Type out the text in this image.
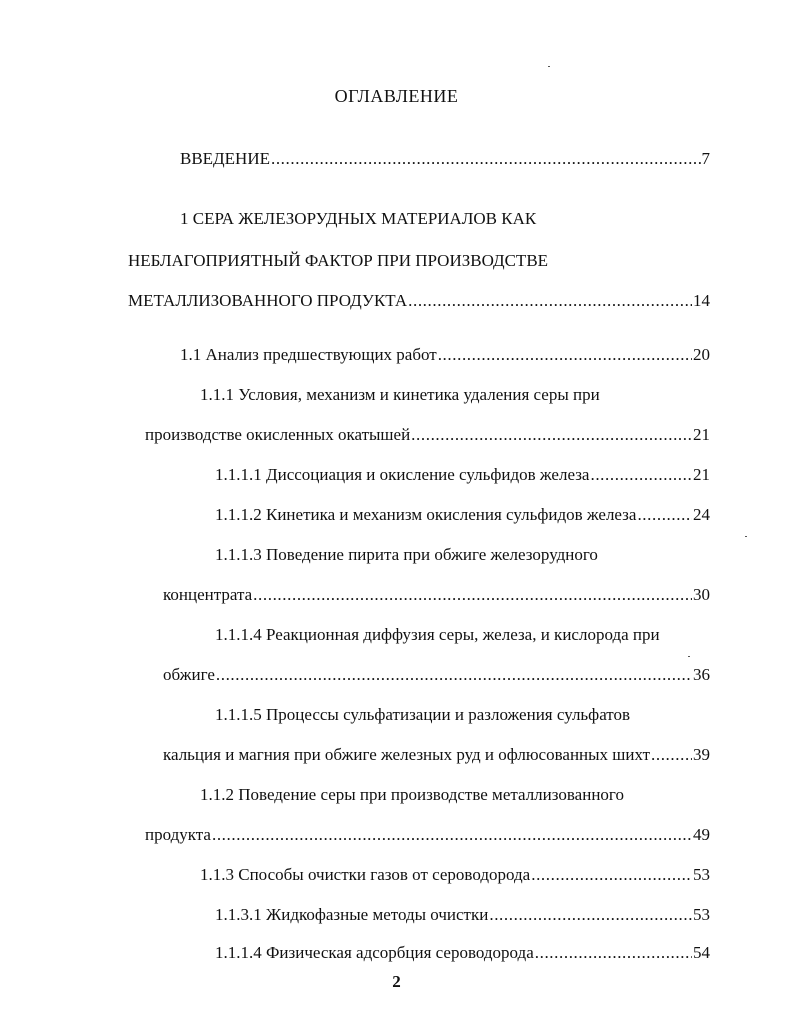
ОГЛАВЛЕНИЕ
ВВЕДЕНИЕ .....	7
1 СЕРА ЖЕЛЕЗОРУДНЫХ МАТЕРИАЛОВ КАК
НЕБЛАГОПРИЯТНЫЙ ФАКТОР ПРИ ПРОИЗВОДСТВЕ
МЕТАЛЛИЗОВАННОГО ПРОДУКТА .....	14
1.1 Анализ предшествующих работ .....	20
1.1.1 Условия, механизм и кинетика удаления серы при
производстве окисленных окатышей .....	21
1.1.1.1 Диссоциация и окисление сульфидов железа .....	21
1.1.1.2 Кинетика и механизм окисления сульфидов железа .....	24
1.1.1.3 Поведение пирита при обжиге железорудного
концентрата .....	30
1.1.1.4 Реакционная диффузия серы, железа, и кислорода при
обжиге .....	36
1.1.1.5 Процессы сульфатизации и разложения сульфатов
кальция и магния при обжиге железных руд и офлюсованных шихт .....	39
1.1.2 Поведение серы при производстве металлизованного
продукта .....	49
1.1.3 Способы очистки газов от сероводорода .....	53
1.1.3.1 Жидкофазные методы очистки .....	53
1.1.1.4 Физическая адсорбция сероводорода .....	54
2
